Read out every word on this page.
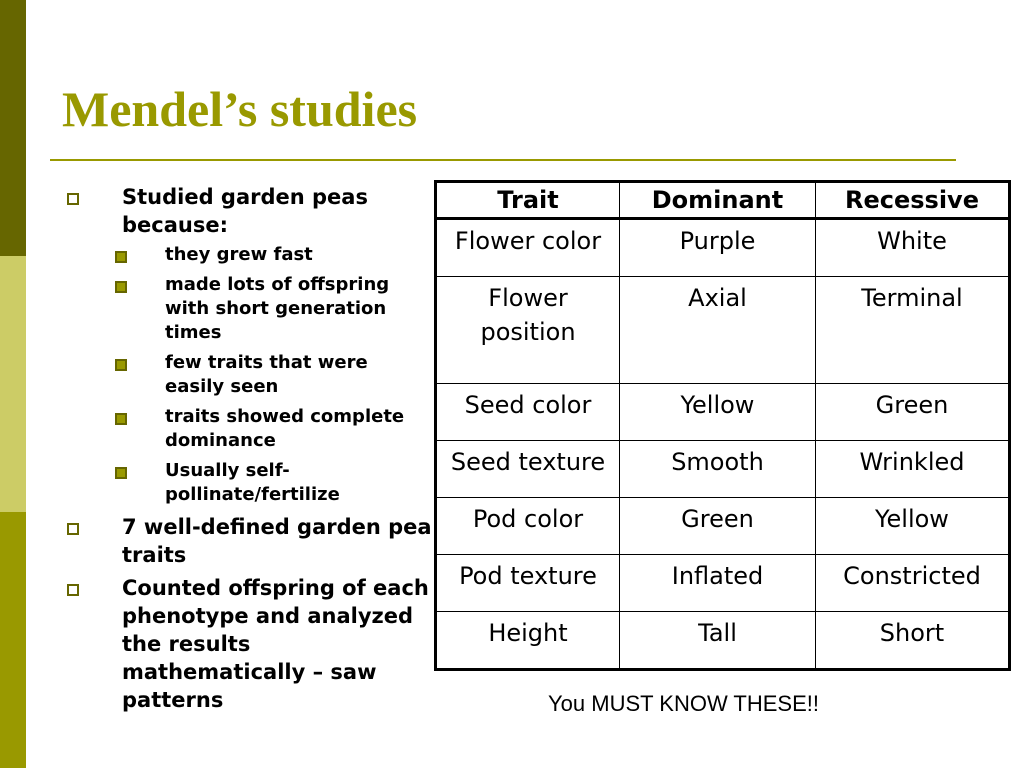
Mendel’s studies
Studied garden peas because:
they grew fast
made lots of offspring with short generation times
few traits that were easily seen
traits showed complete dominance
Usually self-pollinate/fertilize
7 well-defined garden pea traits
Counted offspring of each phenotype and analyzed the results mathematically – saw patterns
Trait	Dominant	Recessive
Flower color	Purple	White
Flower position	Axial	Terminal
Seed color	Yellow	Green
Seed texture	Smooth	Wrinkled
Pod color	Green	Yellow
Pod texture	Inflated	Constricted
Height	Tall	Short
You MUST KNOW THESE!!
